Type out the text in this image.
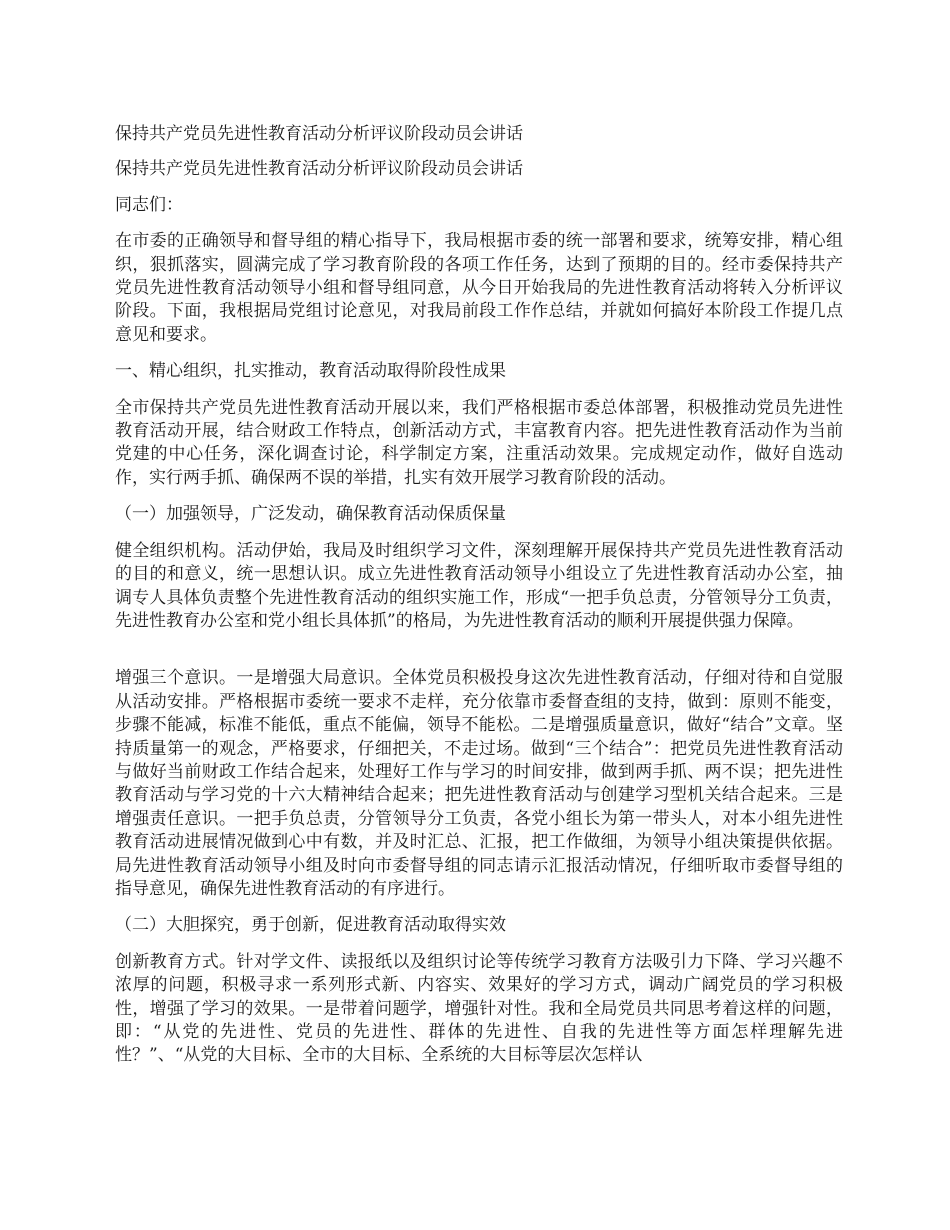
保持共产党员先进性教育活动分析评议阶段动员会讲话

保持共产党员先进性教育活动分析评议阶段动员会讲话

同志们：

在市委的正确领导和督导组的精心指导下，我局根据市委的统一部署和要求，统筹安排，精心组织，狠抓落实，圆满完成了学习教育阶段的各项工作任务，达到了预期的目的。经市委保持共产党员先进性教育活动领导小组和督导组同意，从今日开始我局的先进性教育活动将转入分析评议阶段。下面，我根据局党组讨论意见，对我局前段工作作总结，并就如何搞好本阶段工作提几点意见和要求。

一、精心组织，扎实推动，教育活动取得阶段性成果

全市保持共产党员先进性教育活动开展以来，我们严格根据市委总体部署，积极推动党员先进性教育活动开展，结合财政工作特点，创新活动方式，丰富教育内容。把先进性教育活动作为当前党建的中心任务，深化调查讨论，科学制定方案，注重活动效果。完成规定动作，做好自选动作，实行两手抓、确保两不误的举措，扎实有效开展学习教育阶段的活动。

（一）加强领导，广泛发动，确保教育活动保质保量

健全组织机构。活动伊始，我局及时组织学习文件，深刻理解开展保持共产党员先进性教育活动的目的和意义，统一思想认识。成立先进性教育活动领导小组设立了先进性教育活动办公室，抽调专人具体负责整个先进性教育活动的组织实施工作，形成“一把手负总责，分管领导分工负责，先进性教育办公室和党小组长具体抓”的格局，为先进性教育活动的顺利开展提供强力保障。

增强三个意识。一是增强大局意识。全体党员积极投身这次先进性教育活动，仔细对待和自觉服从活动安排。严格根据市委统一要求不走样，充分依靠市委督查组的支持，做到：原则不能变，步骤不能减，标准不能低，重点不能偏，领导不能松。二是增强质量意识，做好“结合”文章。坚持质量第一的观念，严格要求，仔细把关，不走过场。做到“三个结合”：把党员先进性教育活动与做好当前财政工作结合起来，处理好工作与学习的时间安排，做到两手抓、两不误；把先进性教育活动与学习党的十六大精神结合起来；把先进性教育活动与创建学习型机关结合起来。三是增强责任意识。一把手负总责，分管领导分工负责，各党小组长为第一带头人，对本小组先进性教育活动进展情况做到心中有数，并及时汇总、汇报，把工作做细，为领导小组决策提供依据。局先进性教育活动领导小组及时向市委督导组的同志请示汇报活动情况，仔细听取市委督导组的指导意见，确保先进性教育活动的有序进行。

（二）大胆探究，勇于创新，促进教育活动取得实效

创新教育方式。针对学文件、读报纸以及组织讨论等传统学习教育方法吸引力下降、学习兴趣不浓厚的问题，积极寻求一系列形式新、内容实、效果好的学习方式，调动广阔党员的学习积极性，增强了学习的效果。一是带着问题学，增强针对性。我和全局党员共同思考着这样的问题，即：“从党的先进性、党员的先进性、群体的先进性、自我的先进性等方面怎样理解先进性？”、“从党的大目标、全市的大目标、全系统的大目标等层次怎样认
